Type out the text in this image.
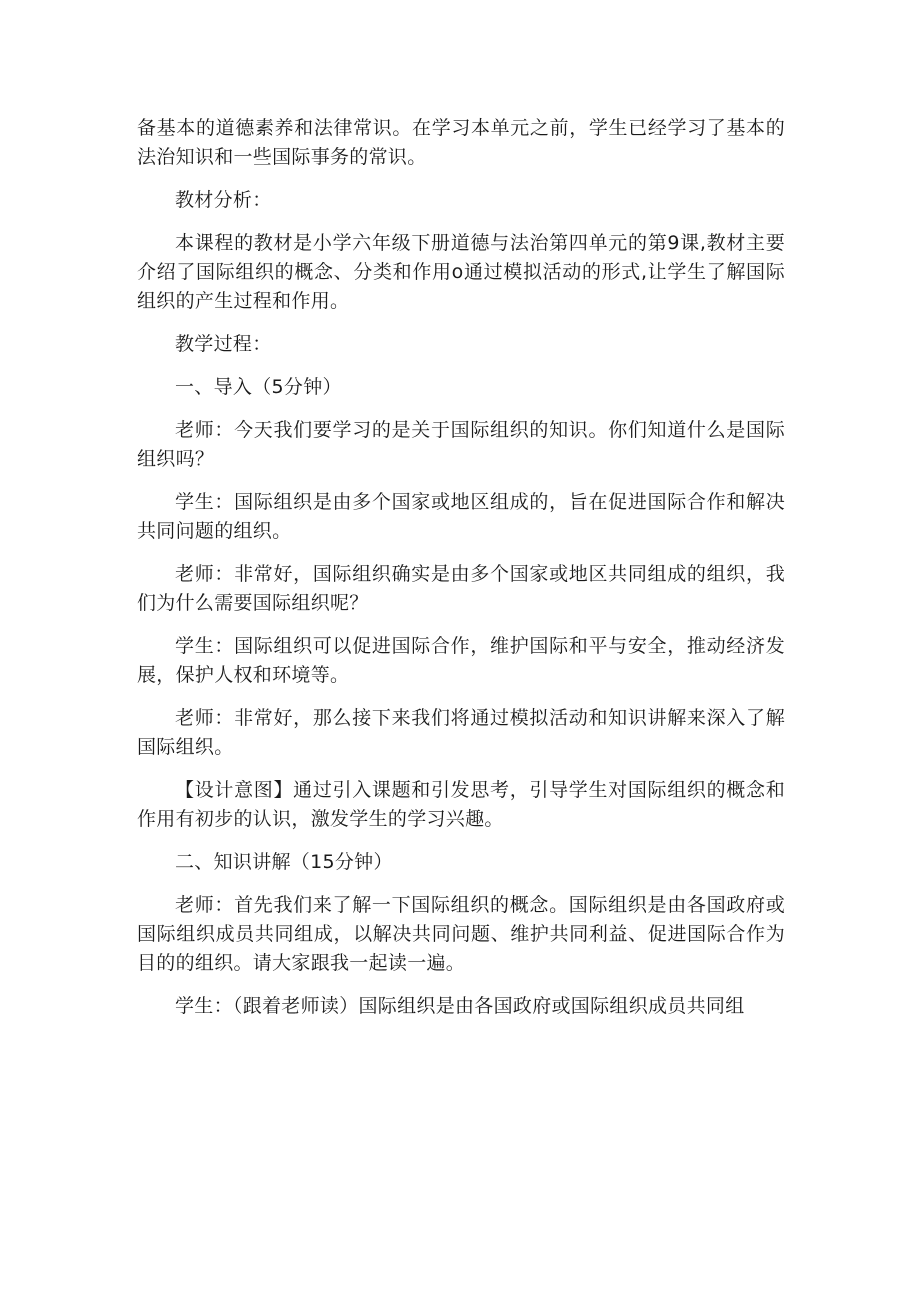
备基本的道德素养和法律常识。在学习本单元之前，学生已经学习了基本的法治知识和一些国际事务的常识。

教材分析：

本课程的教材是小学六年级下册道德与法治第四单元的第9课,教材主要介绍了国际组织的概念、分类和作用o通过模拟活动的形式,让学生了解国际组织的产生过程和作用。

教学过程：

一、导入（5分钟）

老师：今天我们要学习的是关于国际组织的知识。你们知道什么是国际组织吗？

学生：国际组织是由多个国家或地区组成的，旨在促进国际合作和解决共同问题的组织。

老师：非常好，国际组织确实是由多个国家或地区共同组成的组织，我们为什么需要国际组织呢？

学生：国际组织可以促进国际合作，维护国际和平与安全，推动经济发展，保护人权和环境等。

老师：非常好，那么接下来我们将通过模拟活动和知识讲解来深入了解国际组织。

【设计意图】通过引入课题和引发思考，引导学生对国际组织的概念和作用有初步的认识，激发学生的学习兴趣。

二、知识讲解（15分钟）

老师：首先我们来了解一下国际组织的概念。国际组织是由各国政府或国际组织成员共同组成，以解决共同问题、维护共同利益、促进国际合作为目的的组织。请大家跟我一起读一遍。

学生：（跟着老师读）国际组织是由各国政府或国际组织成员共同组
